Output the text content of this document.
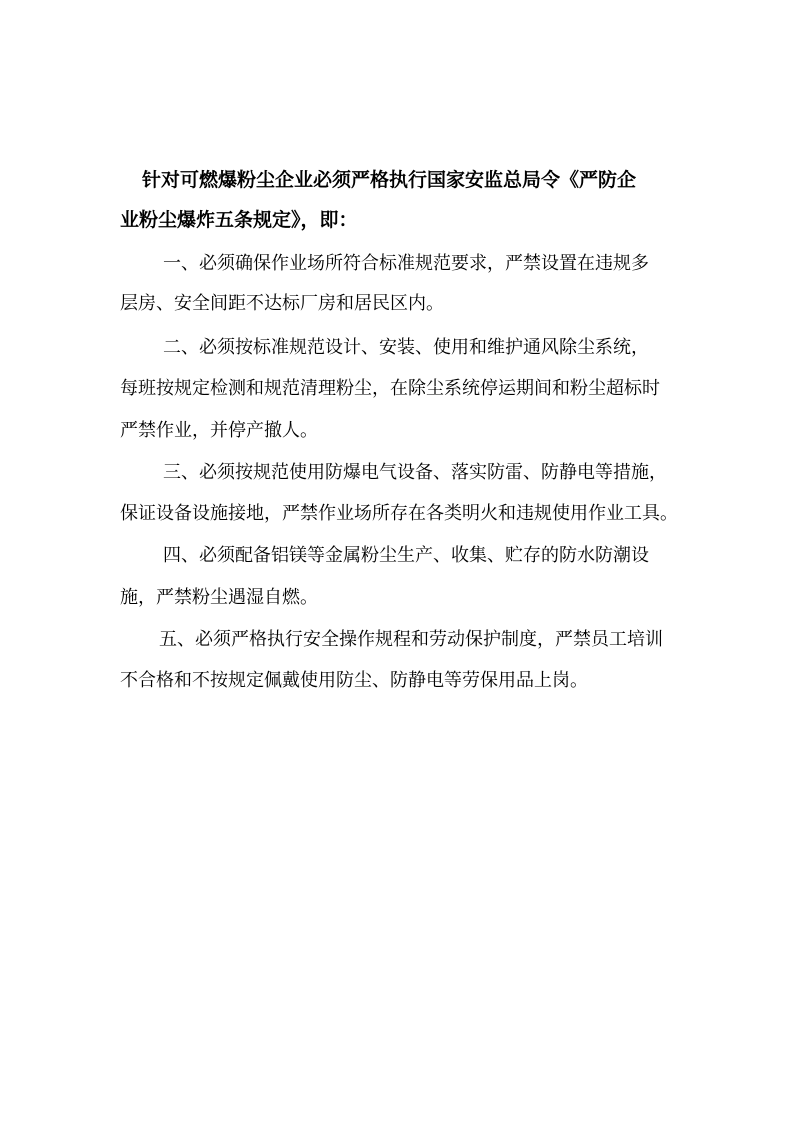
针对可燃爆粉尘企业必须严格执行国家安监总局令《严防企
业粉尘爆炸五条规定》，即：
一、必须确保作业场所符合标准规范要求，严禁设置在违规多
层房、安全间距不达标厂房和居民区内。
二、必须按标准规范设计、安装、使用和维护通风除尘系统，
每班按规定检测和规范清理粉尘，在除尘系统停运期间和粉尘超标时
严禁作业，并停产撤人。
三、必须按规范使用防爆电气设备、落实防雷、防静电等措施，
保证设备设施接地，严禁作业场所存在各类明火和违规使用作业工具。
四、必须配备铝镁等金属粉尘生产、收集、贮存的防水防潮设
施，严禁粉尘遇湿自燃。
五、必须严格执行安全操作规程和劳动保护制度，严禁员工培训
不合格和不按规定佩戴使用防尘、防静电等劳保用品上岗。
